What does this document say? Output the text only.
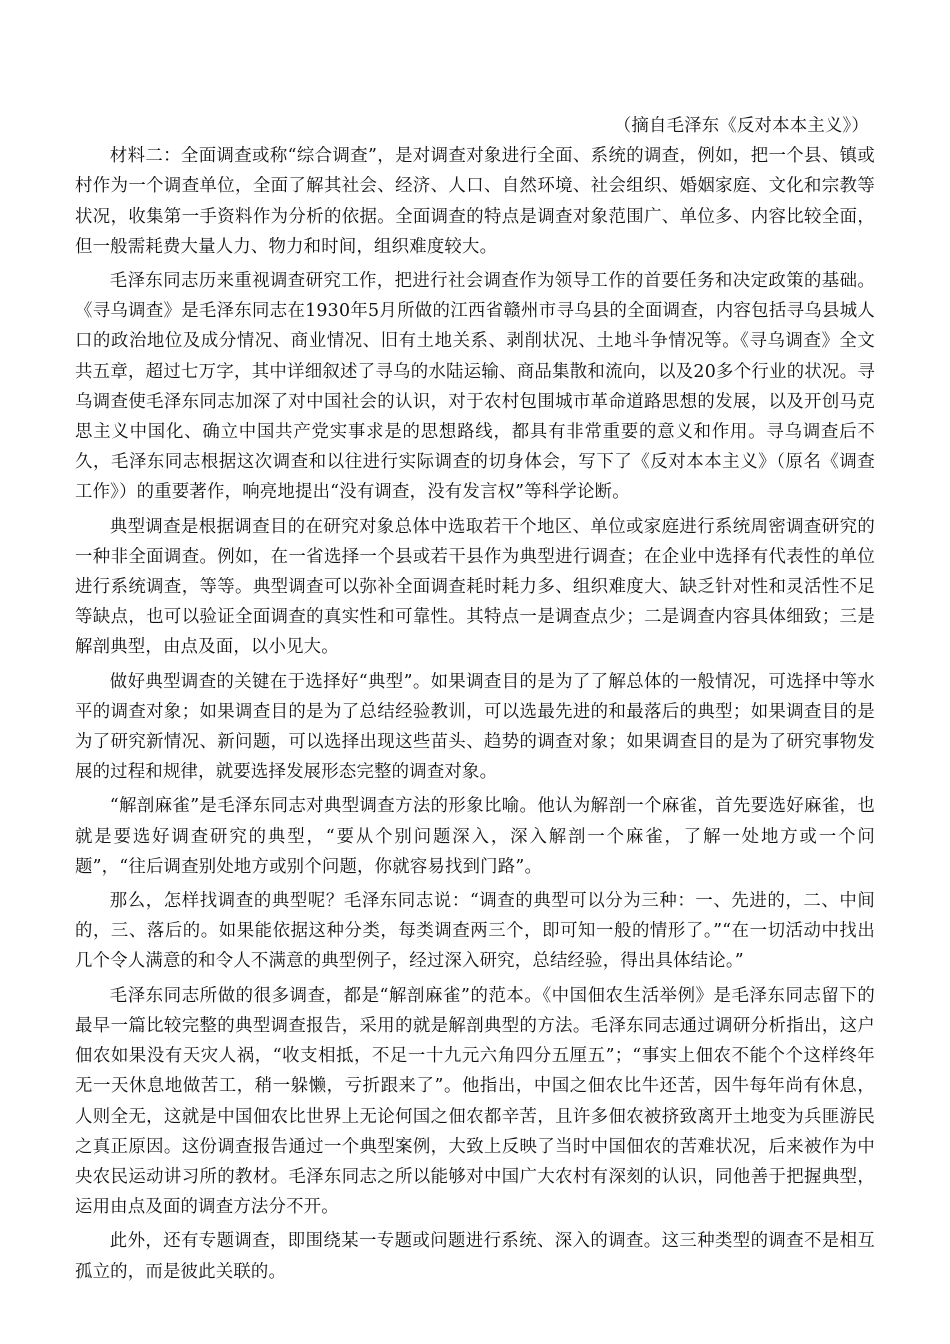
（摘自毛泽东《反对本本主义》）

材料二：全面调查或称“综合调查”，是对调查对象进行全面、系统的调查，例如，把一个县、镇或村作为一个调查单位，全面了解其社会、经济、人口、自然环境、社会组织、婚姻家庭、文化和宗教等状况，收集第一手资料作为分析的依据。全面调查的特点是调查对象范围广、单位多、内容比较全面，但一般需耗费大量人力、物力和时间，组织难度较大。

毛泽东同志历来重视调查研究工作，把进行社会调查作为领导工作的首要任务和决定政策的基础。《寻乌调查》是毛泽东同志在1930年5月所做的江西省赣州市寻乌县的全面调查，内容包括寻乌县城人口的政治地位及成分情况、商业情况、旧有土地关系、剥削状况、土地斗争情况等。《寻乌调查》全文共五章，超过七万字，其中详细叙述了寻乌的水陆运输、商品集散和流向，以及20多个行业的状况。寻乌调查使毛泽东同志加深了对中国社会的认识，对于农村包围城市革命道路思想的发展，以及开创马克思主义中国化、确立中国共产党实事求是的思想路线，都具有非常重要的意义和作用。寻乌调查后不久，毛泽东同志根据这次调查和以往进行实际调查的切身体会，写下了《反对本本主义》（原名《调查工作》）的重要著作，响亮地提出“没有调查，没有发言权”等科学论断。

典型调查是根据调查目的在研究对象总体中选取若干个地区、单位或家庭进行系统周密调查研究的一种非全面调查。例如，在一省选择一个县或若干县作为典型进行调查；在企业中选择有代表性的单位进行系统调查，等等。典型调查可以弥补全面调查耗时耗力多、组织难度大、缺乏针对性和灵活性不足等缺点，也可以验证全面调查的真实性和可靠性。其特点一是调查点少；二是调查内容具体细致；三是解剖典型，由点及面，以小见大。

做好典型调查的关键在于选择好“典型”。如果调查目的是为了了解总体的一般情况，可选择中等水平的调查对象；如果调查目的是为了总结经验教训，可以选最先进的和最落后的典型；如果调查目的是为了研究新情况、新问题，可以选择出现这些苗头、趋势的调查对象；如果调查目的是为了研究事物发展的过程和规律，就要选择发展形态完整的调查对象。

“解剖麻雀”是毛泽东同志对典型调查方法的形象比喻。他认为解剖一个麻雀，首先要选好麻雀，也就是要选好调查研究的典型，“要从个别问题深入，深入解剖一个麻雀，了解一处地方或一个问题”，“往后调查别处地方或别个问题，你就容易找到门路”。

那么，怎样找调查的典型呢？毛泽东同志说：“调查的典型可以分为三种：一、先进的，二、中间的，三、落后的。如果能依据这种分类，每类调查两三个，即可知一般的情形了。”“在一切活动中找出几个令人满意的和令人不满意的典型例子，经过深入研究，总结经验，得出具体结论。”

毛泽东同志所做的很多调查，都是“解剖麻雀”的范本。《中国佃农生活举例》是毛泽东同志留下的最早一篇比较完整的典型调查报告，采用的就是解剖典型的方法。毛泽东同志通过调研分析指出，这户佃农如果没有天灾人祸，“收支相抵，不足一十九元六角四分五厘五”；“事实上佃农不能个个这样终年无一天休息地做苦工，稍一躲懒，亏折跟来了”。他指出，中国之佃农比牛还苦，因牛每年尚有休息，人则全无，这就是中国佃农比世界上无论何国之佃农都辛苦，且许多佃农被挤致离开土地变为兵匪游民之真正原因。这份调查报告通过一个典型案例，大致上反映了当时中国佃农的苦难状况，后来被作为中央农民运动讲习所的教材。毛泽东同志之所以能够对中国广大农村有深刻的认识，同他善于把握典型，运用由点及面的调查方法分不开。

此外，还有专题调查，即围绕某一专题或问题进行系统、深入的调查。这三种类型的调查不是相互孤立的，而是彼此关联的。
